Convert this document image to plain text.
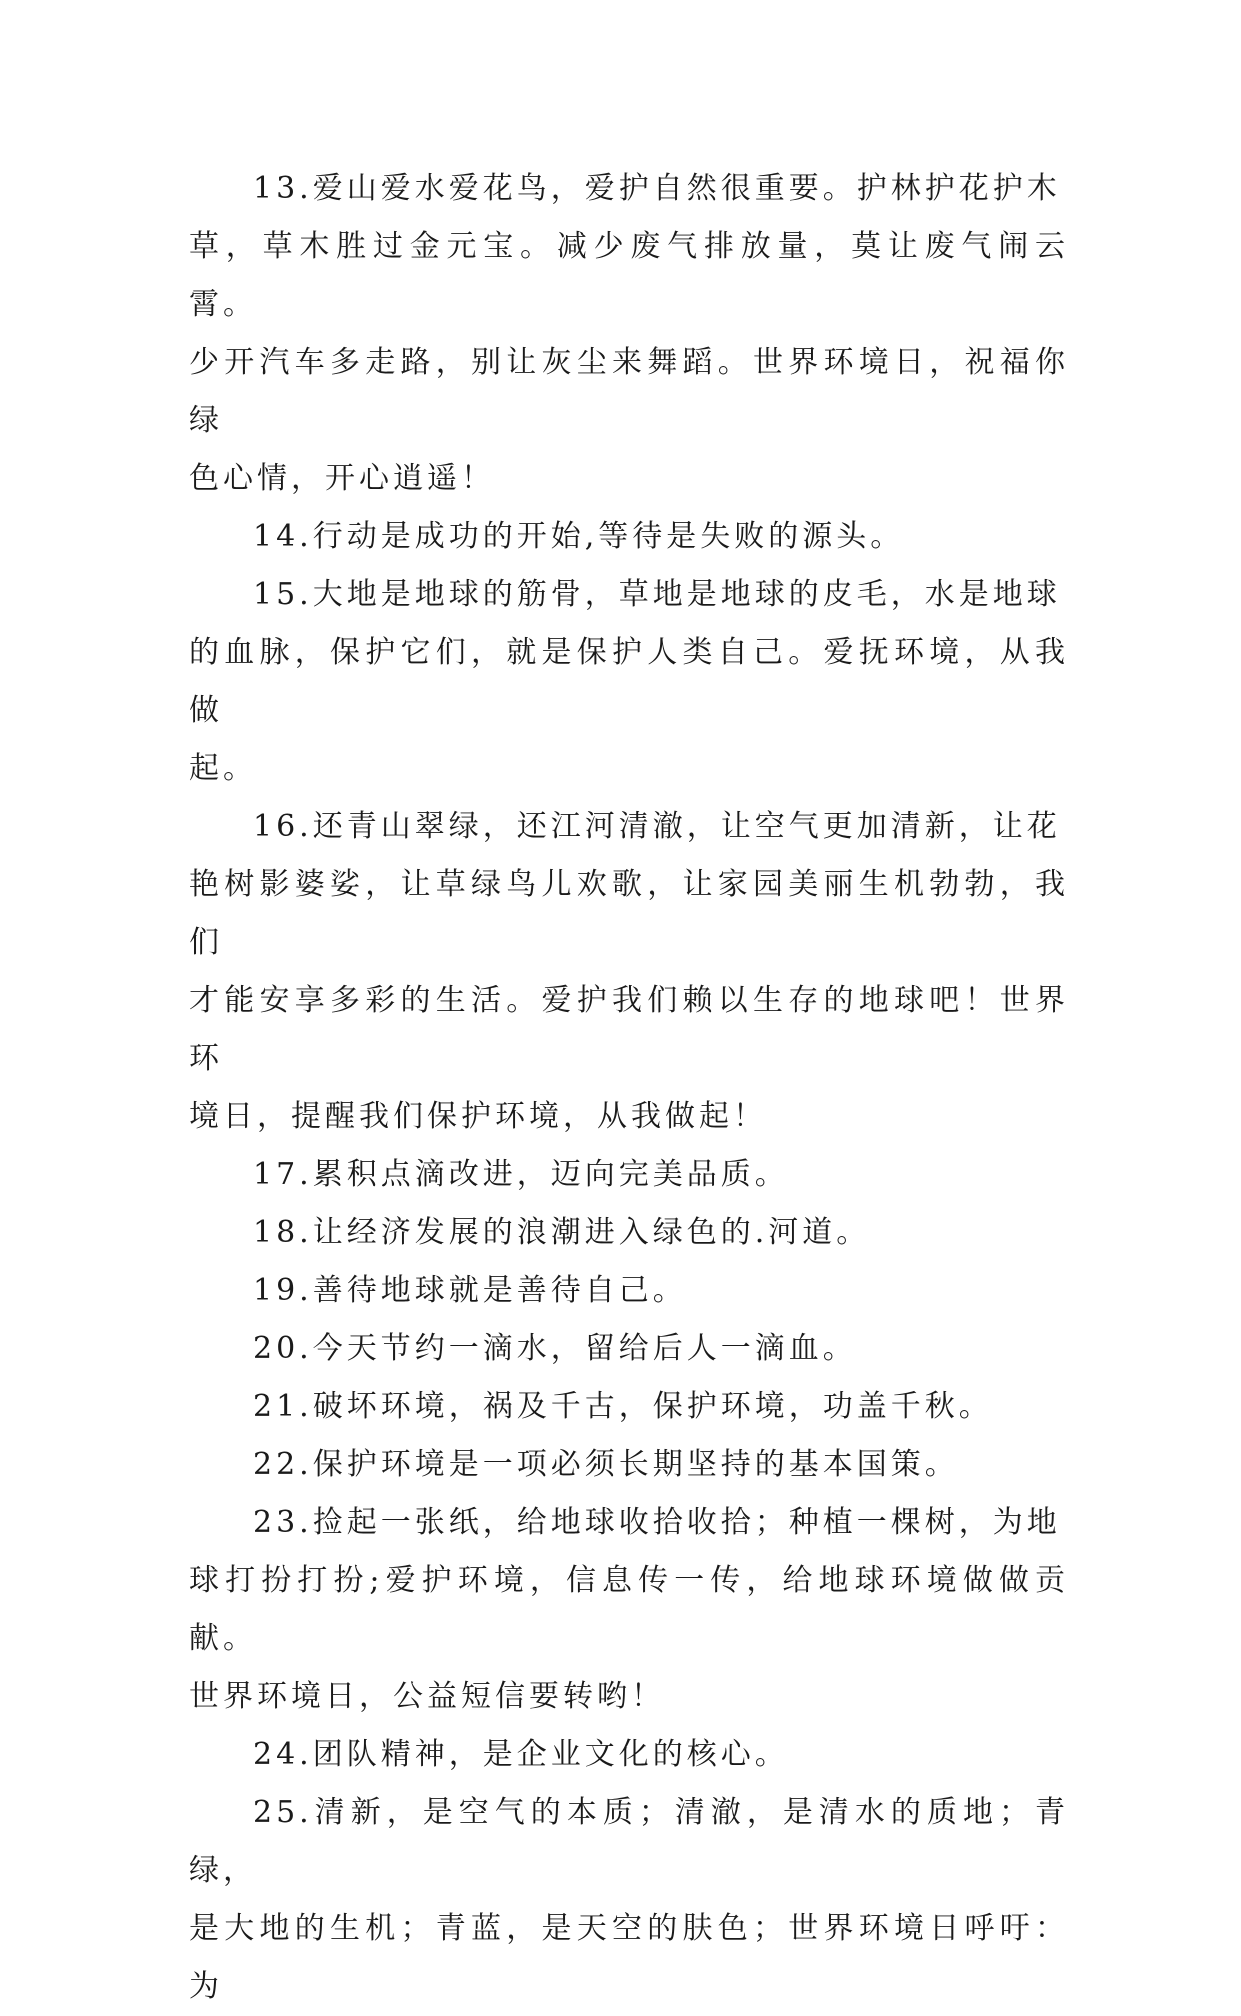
13.爱山爱水爱花鸟，爱护自然很重要。护林护花护木
草，草木胜过金元宝。减少废气排放量，莫让废气闹云霄。
少开汽车多走路，别让灰尘来舞蹈。世界环境日，祝福你绿
色心情，开心逍遥！

14.行动是成功的开始,等待是失败的源头。

15.大地是地球的筋骨，草地是地球的皮毛，水是地球
的血脉，保护它们，就是保护人类自己。爱抚环境，从我做
起。

16.还青山翠绿，还江河清澈，让空气更加清新，让花
艳树影婆娑，让草绿鸟儿欢歌，让家园美丽生机勃勃，我们
才能安享多彩的生活。爱护我们赖以生存的地球吧！世界环
境日，提醒我们保护环境，从我做起！

17.累积点滴改进，迈向完美品质。

18.让经济发展的浪潮进入绿色的.河道。

19.善待地球就是善待自己。

20.今天节约一滴水，留给后人一滴血。

21.破坏环境，祸及千古，保护环境，功盖千秋。

22.保护环境是一项必须长期坚持的基本国策。

23.捡起一张纸，给地球收拾收拾；种植一棵树，为地
球打扮打扮;爱护环境，信息传一传，给地球环境做做贡献。
世界环境日，公益短信要转哟！

24.团队精神，是企业文化的核心。

25.清新，是空气的本质；清澈，是清水的质地；青绿，
是大地的生机；青蓝，是天空的肤色；世界环境日呼吁：为
